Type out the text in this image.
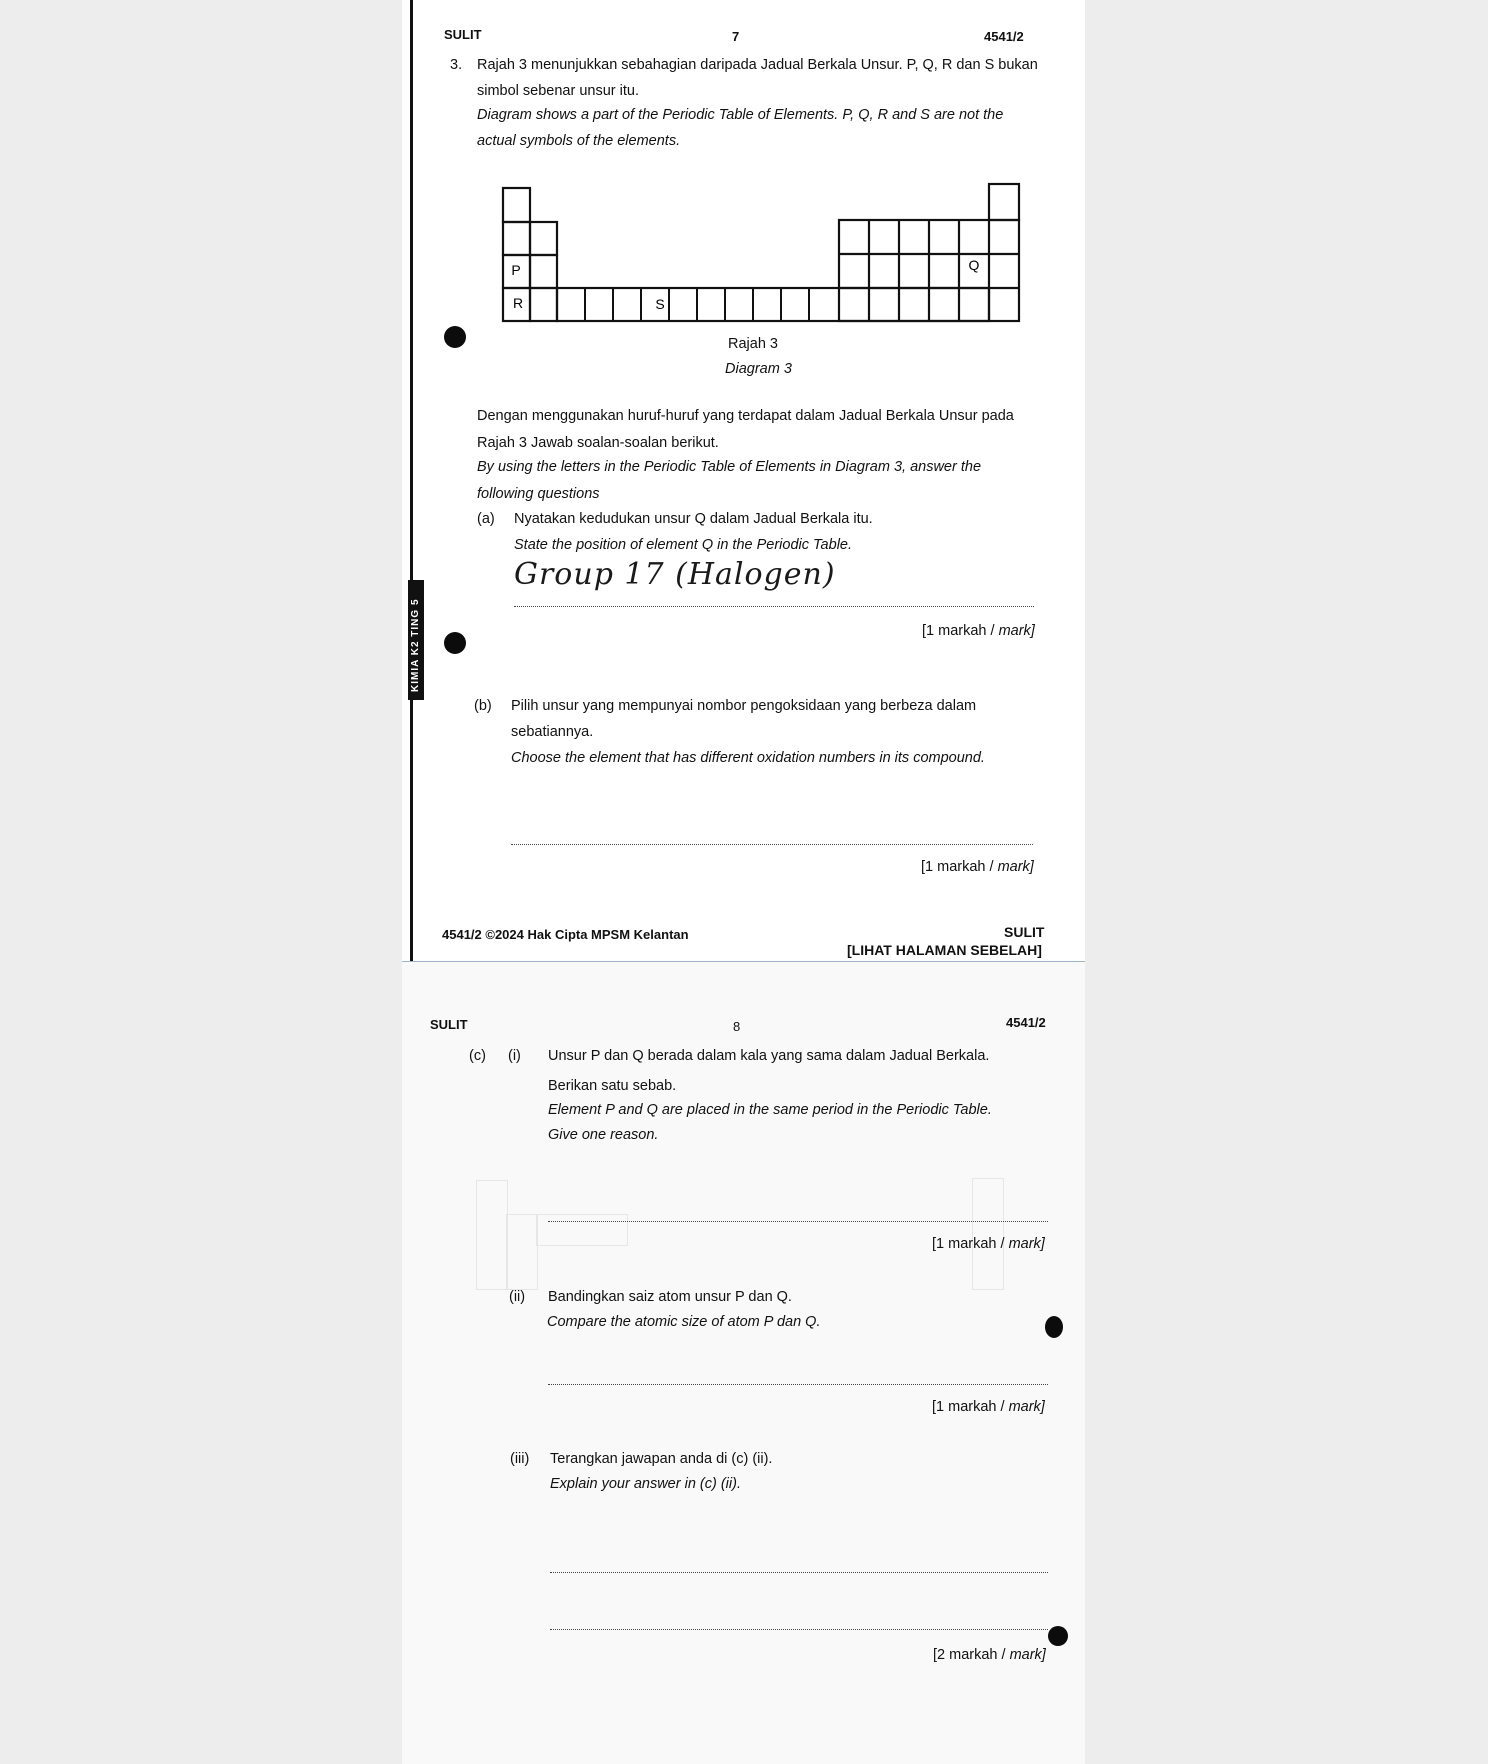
KIMIA K2 TING 5
SULIT	7	4541/2
3. Rajah 3 menunjukkan sebahagian daripada Jadual Berkala Unsur. P, Q, R dan S bukan
simbol sebenar unsur itu.
Diagram shows a part of the Periodic Table of Elements. P, Q, R and S are not the
actual symbols of the elements.
P	Q
R	S
Rajah 3
Diagram 3
Dengan menggunakan huruf-huruf yang terdapat dalam Jadual Berkala Unsur pada
Rajah 3 Jawab soalan-soalan berikut.
By using the letters in the Periodic Table of Elements in Diagram 3, answer the
following questions
(a) Nyatakan kedudukan unsur Q dalam Jadual Berkala itu.
State the position of element Q in the Periodic Table.
Group 17 (Halogen)
[1 markah / mark]
(b) Pilih unsur yang mempunyai nombor pengoksidaan yang berbeza dalam
sebatiannya.
Choose the element that has different oxidation numbers in its compound.
[1 markah / mark]
4541/2 ©2024 Hak Cipta MPSM Kelantan	SULIT
[LIHAT HALAMAN SEBELAH]
SULIT	8	4541/2
(c) (i) Unsur P dan Q berada dalam kala yang sama dalam Jadual Berkala.
Berikan satu sebab.
Element P and Q are placed in the same period in the Periodic Table.
Give one reason.
[1 markah / mark]
(ii) Bandingkan saiz atom unsur P dan Q.
Compare the atomic size of atom P dan Q.
[1 markah / mark]
(iii) Terangkan jawapan anda di (c) (ii).
Explain your answer in (c) (ii).
[2 markah / mark]
